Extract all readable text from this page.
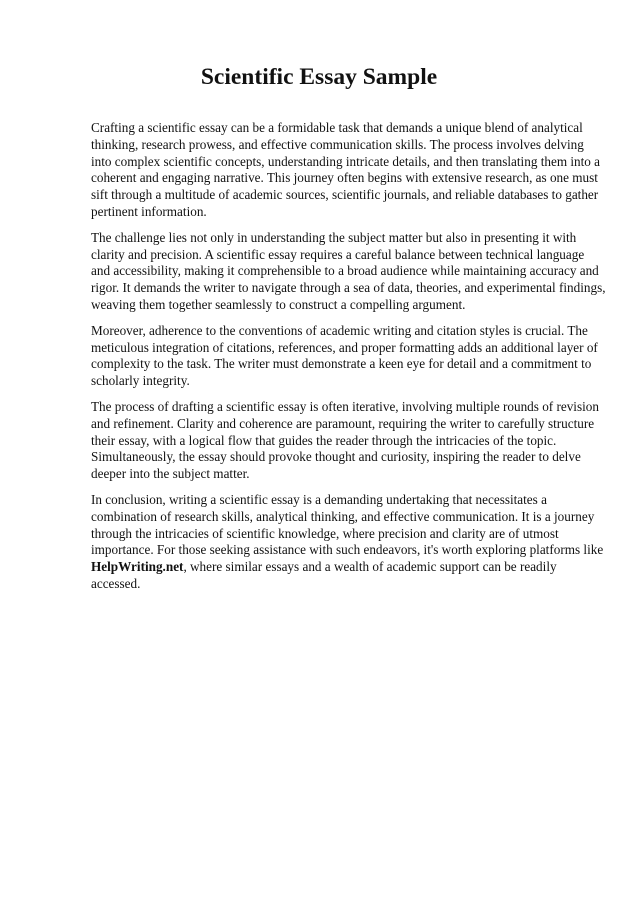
Scientific Essay Sample

Crafting a scientific essay can be a formidable task that demands a unique blend of analytical thinking, research prowess, and effective communication skills. The process involves delving into complex scientific concepts, understanding intricate details, and then translating them into a coherent and engaging narrative. This journey often begins with extensive research, as one must sift through a multitude of academic sources, scientific journals, and reliable databases to gather pertinent information.

The challenge lies not only in understanding the subject matter but also in presenting it with clarity and precision. A scientific essay requires a careful balance between technical language and accessibility, making it comprehensible to a broad audience while maintaining accuracy and rigor. It demands the writer to navigate through a sea of data, theories, and experimental findings, weaving them together seamlessly to construct a compelling argument.

Moreover, adherence to the conventions of academic writing and citation styles is crucial. The meticulous integration of citations, references, and proper formatting adds an additional layer of complexity to the task. The writer must demonstrate a keen eye for detail and a commitment to scholarly integrity.

The process of drafting a scientific essay is often iterative, involving multiple rounds of revision and refinement. Clarity and coherence are paramount, requiring the writer to carefully structure their essay, with a logical flow that guides the reader through the intricacies of the topic. Simultaneously, the essay should provoke thought and curiosity, inspiring the reader to delve deeper into the subject matter.

In conclusion, writing a scientific essay is a demanding undertaking that necessitates a combination of research skills, analytical thinking, and effective communication. It is a journey through the intricacies of scientific knowledge, where precision and clarity are of utmost importance. For those seeking assistance with such endeavors, it's worth exploring platforms like HelpWriting.net, where similar essays and a wealth of academic support can be readily accessed.
